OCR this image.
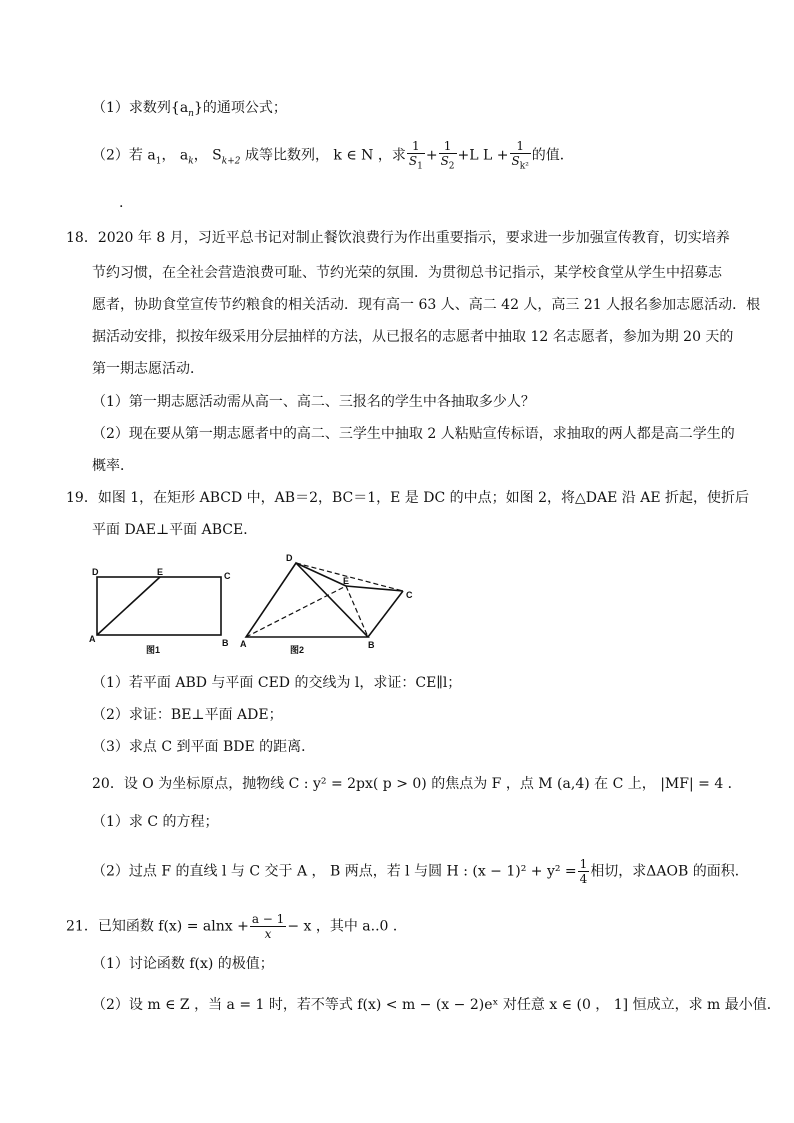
（1）求数列$\{a_n\}$的通项公式；
（2）若 $a_1$， $a_k$， $S_{k+2}$ 成等比数列， k ∈ N ，求 $\frac{1}{S_1} + \frac{1}{S_2} +L$ $L + \frac{1}{S_{k^2}}$ 的值．
.
18．2020 年 8 月，习近平总书记对制止餐饮浪费行为作出重要指示，要求进一步加强宣传教育，切实培养
节约习惯，在全社会营造浪费可耻、节约光荣的氛围．为贯彻总书记指示，某学校食堂从学生中招募志
愿者，协助食堂宣传节约粮食的相关活动．现有高一 63 人、高二 42 人，高三 21 人报名参加志愿活动．根
据活动安排，拟按年级采用分层抽样的方法，从已报名的志愿者中抽取 12 名志愿者，参加为期 20 天的
第一期志愿活动．
（1）第一期志愿活动需从高一、高二、三报名的学生中各抽取多少人？
（2）现在要从第一期志愿者中的高二、三学生中抽取 2 人粘贴宣传标语，求抽取的两人都是高二学生的
概率．
19．如图 1，在矩形 ABCD 中，AB＝2，BC＝1，E 是 DC 的中点；如图 2，将△DAE 沿 AE 折起，使折后
平面 DAE⊥平面 ABCE．
D	E	C
A	B
图1
D
E
C
A	B
图2
（1）若平面 ABD 与平面 CED 的交线为 l，求证：CE∥l；
（2）求证：BE⊥平面 ADE；
（3）求点 C 到平面 BDE 的距离．
20．设 O 为坐标原点，抛物线 C : y² = 2px( p > 0) 的焦点为 F ，点 M (a,4) 在 C 上， |MF| = 4 ．
（1）求 C 的方程；
（2）过点 F 的直线 l 与 C 交于 A ， B 两点，若 l 与圆 H : $(x - 1)^2 + y^2 = \frac{1}{4}$ 相切，求ΔAOB 的面积．
21．已知函数 $f(x) = alnx + \frac{a - 1}{x} - x$ ，其中 a..0 ．
（1）讨论函数 f(x) 的极值；
（2）设 m ∈ Z ，当 a = 1 时，若不等式 f(x) < m − (x − 2)eˣ 对任意 x ∈ (0 ， 1] 恒成立，求 m 最小值．
